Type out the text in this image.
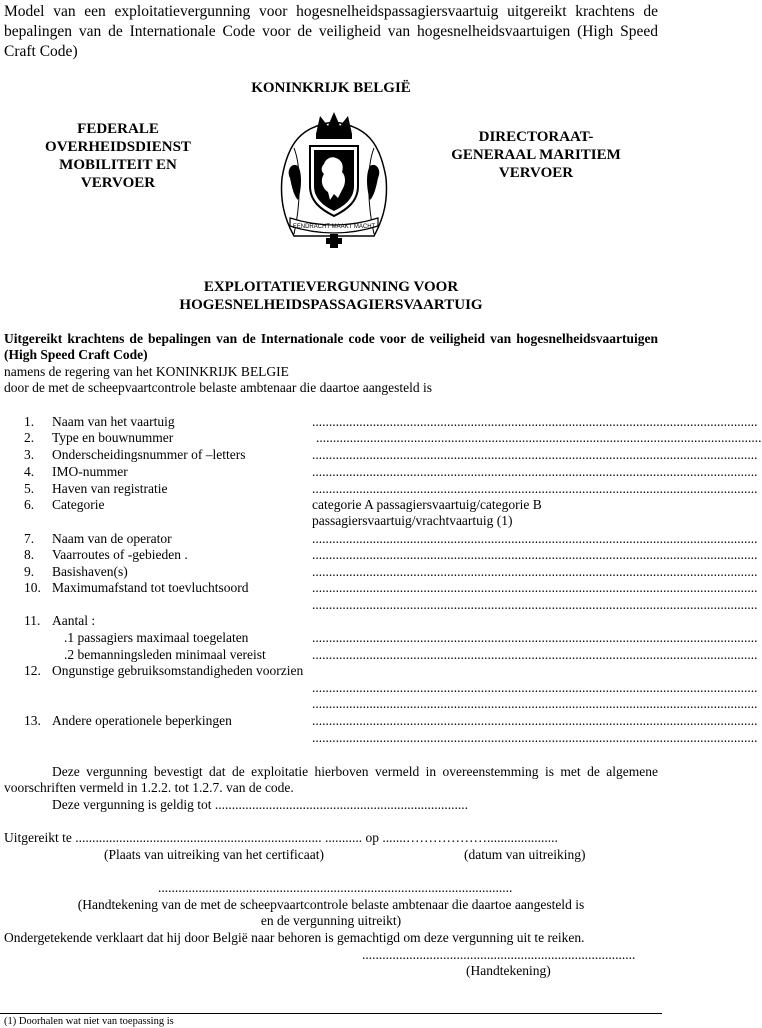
Model van een exploitatievergunning voor hogesnelheidspassagiersvaartuig uitgereikt krachtens de bepalingen van de Internationale Code voor de veiligheid van hogesnelheidsvaartuigen (High Speed Craft Code)
KONINKRIJK BELGIË
FEDERALE OVERHEIDSDIENST MOBILITEIT EN VERVOER
EENDRACHT MAAKT MACHT
DIRECTORAAT-GENERAAL MARITIEM VERVOER
EXPLOITATIEVERGUNNING VOOR
HOGESNELHEIDSPASSAGIERSVAARTUIG
Uitgereikt krachtens de bepalingen van de Internationale code voor de veiligheid van hogesnelheidsvaartuigen (High Speed Craft Code)
namens de regering van het KONINKRIJK BELGIE
door de met de scheepvaartcontrole belaste ambtenaar die daartoe aangesteld is
1.	Naam van het vaartuig	....................................................................................................................................
2.	Type en bouwnummer	....................................................................................................................................
3.	Onderscheidingsnummer of –letters	....................................................................................................................................
4.	IMO-nummer	....................................................................................................................................
5.	Haven van registratie	....................................................................................................................................
6.	Categorie	categorie A passagiersvaartuig/categorie B
passagiersvaartuig/vrachtvaartuig (1)
7.	Naam van de operator	....................................................................................................................................
8.	Vaarroutes of -gebieden .	....................................................................................................................................
9.	Basishaven(s)	....................................................................................................................................
10. Maximumafstand tot toevluchtsoord	....................................................................................................................................
....................................................................................................................................
11. Aantal :
.1 passagiers maximaal toegelaten	....................................................................................................................................
.2 bemanningsleden minimaal vereist	....................................................................................................................................
12. Ongunstige gebruiksomstandigheden voorzien
....................................................................................................................................
....................................................................................................................................
13. Andere operationele beperkingen	....................................................................................................................................
....................................................................................................................................
Deze vergunning bevestigt dat de exploitatie hierboven vermeld in overeenstemming is met de algemene voorschriften vermeld in 1.2.2. tot 1.2.7. van de code.
Deze vergunning is geldig tot ...........................................................................
Uitgereikt te ......................................................................... ........... op .......……………….....................
(Plaats van uitreiking van het certificaat)	(datum van uitreiking)
.........................................................................................................
(Handtekening van de met de scheepvaartcontrole belaste ambtenaar die daartoe aangesteld is
en de vergunning uitreikt)
Ondergetekende verklaart dat hij door België naar behoren is gemachtigd om deze vergunning uit te reiken.
.................................................................................
(Handtekening)
(1) Doorhalen wat niet van toepassing is
